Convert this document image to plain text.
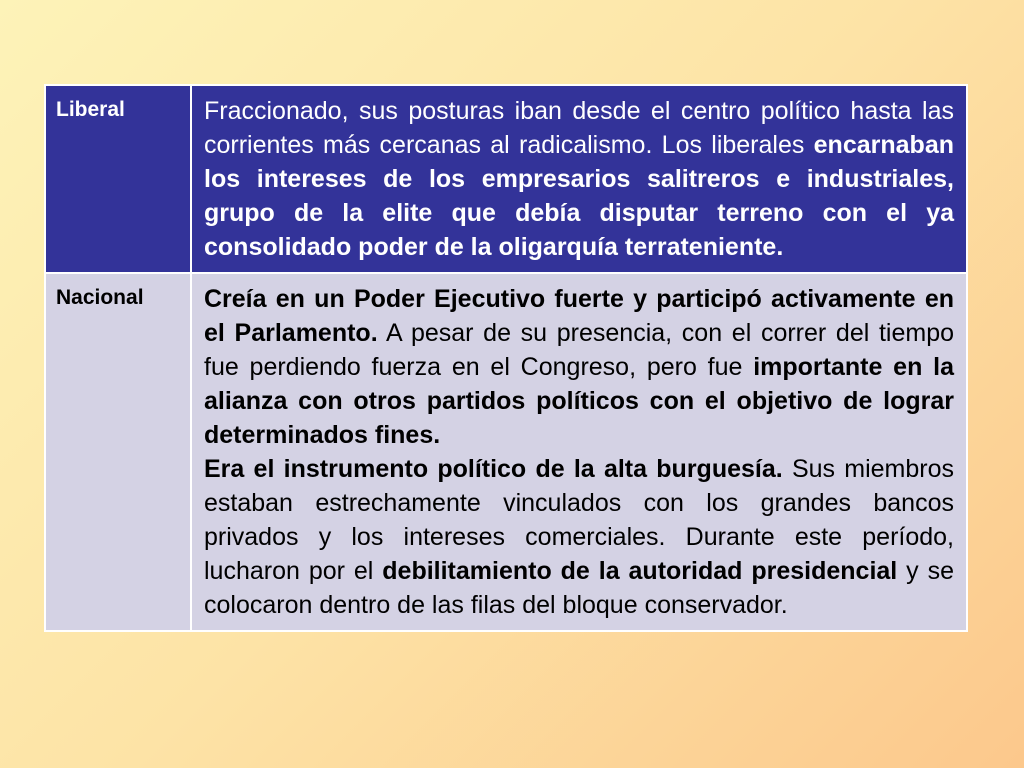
Liberal	Fraccionado, sus posturas iban desde el centro político hasta las corrientes más cercanas al radicalismo. Los liberales encarnaban los intereses de los empresarios salitreros e industriales, grupo de la elite que debía disputar terreno con el ya consolidado poder de la oligarquía terrateniente.

Nacional	Creía en un Poder Ejecutivo fuerte y participó activamente en el Parlamento. A pesar de su presencia, con el correr del tiempo fue perdiendo fuerza en el Congreso, pero fue importante en la alianza con otros partidos políticos con el objetivo de lograr determinados fines.

Era el instrumento político de la alta burguesía. Sus miembros estaban estrechamente vinculados con los grandes bancos privados y los intereses comerciales. Durante este período, lucharon por el debilitamiento de la autoridad presidencial y se colocaron dentro de las filas del bloque conservador.
